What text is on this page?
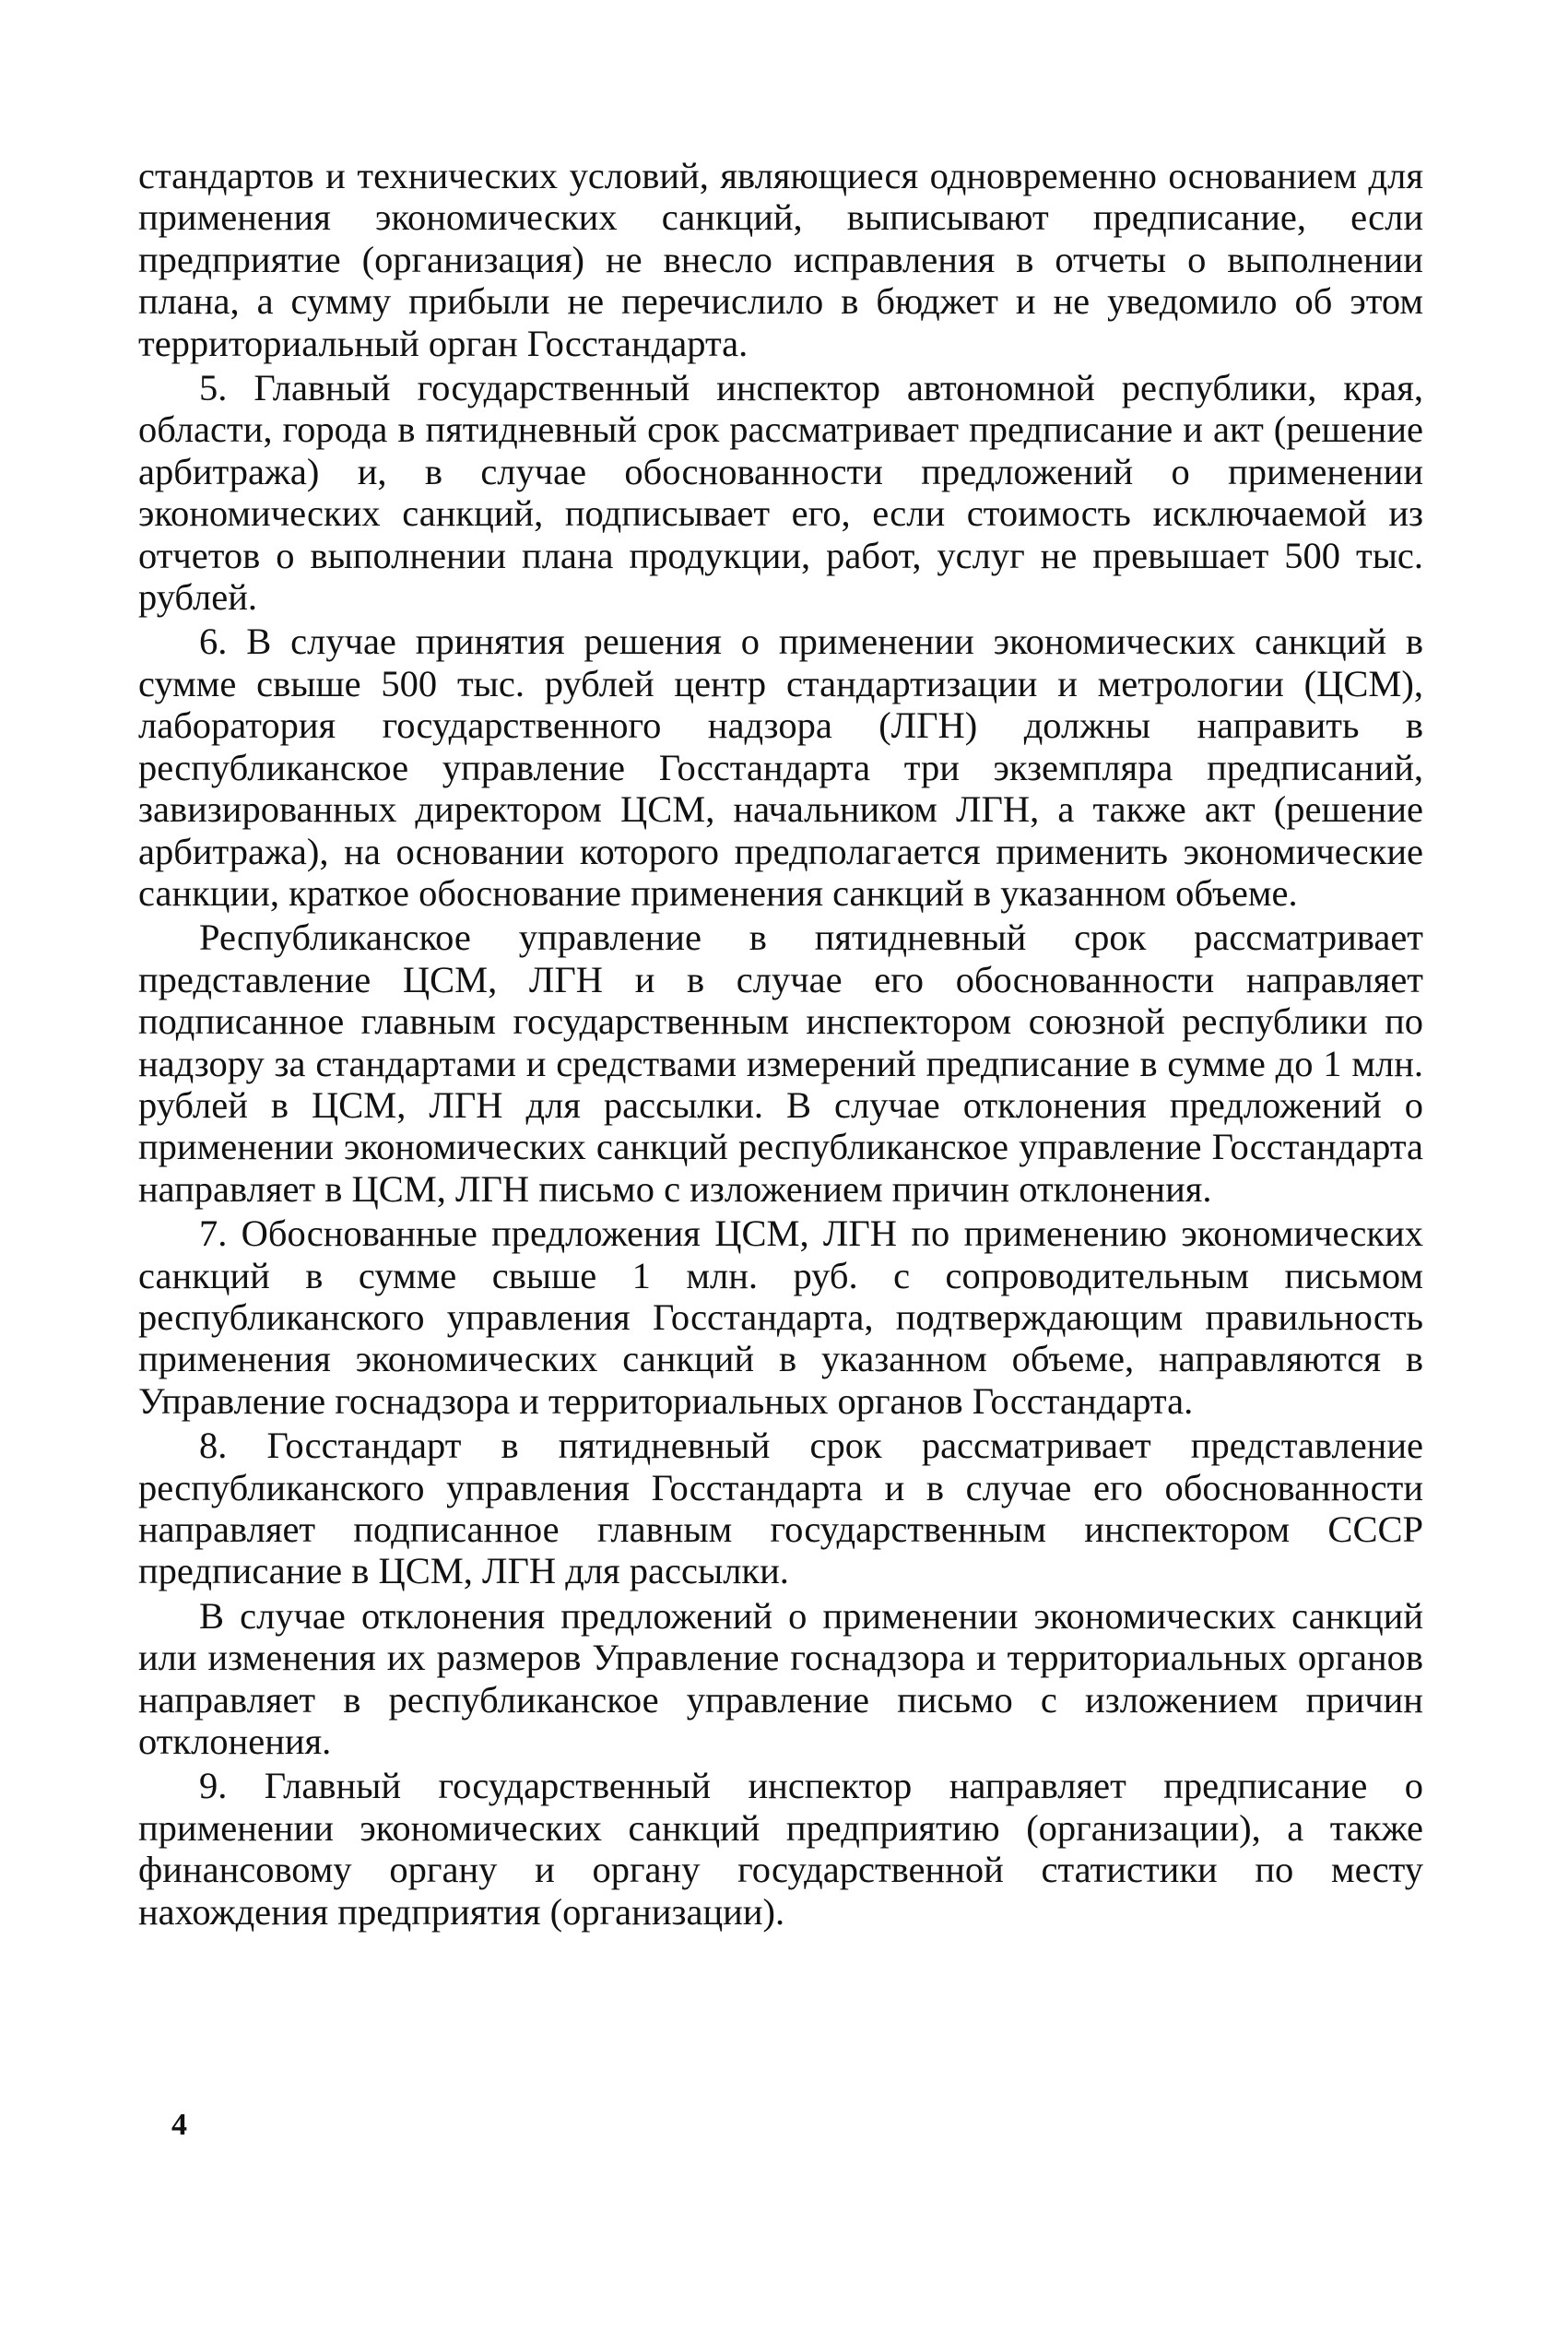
стандартов и технических условий, являющиеся одновременно основанием для применения экономических санкций, выписывают предписание, если предприятие (организация) не внесло исправления в отчеты о выполнении плана, а сумму прибыли не перечислило в бюджет и не уведомило об этом территориальный орган Госстандарта.

5. Главный государственный инспектор автономной республики, края, области, города в пятидневный срок рассматривает предписание и акт (решение арбитража) и, в случае обоснованности предложений о применении экономических санкций, подписывает его, если стоимость исключаемой из отчетов о выполнении плана продукции, работ, услуг не превышает 500 тыс. рублей.

6. В случае принятия решения о применении экономических санкций в сумме свыше 500 тыс. рублей центр стандартизации и метрологии (ЦСМ), лаборатория государственного надзора (ЛГН) должны направить в республиканское управление Госстандарта три экземпляра предписаний, завизированных директором ЦСМ, начальником ЛГН, а также акт (решение арбитража), на основании которого предполагается применить экономические санкции, краткое обоснование применения санкций в указанном объеме.

Республиканское управление в пятидневный срок рассматривает представление ЦСМ, ЛГН и в случае его обоснованности направляет подписанное главным государственным инспектором союзной республики по надзору за стандартами и средствами измерений предписание в сумме до 1 млн. рублей в ЦСМ, ЛГН для рассылки. В случае отклонения предложений о применении экономических санкций республиканское управление Госстандарта направляет в ЦСМ, ЛГН письмо с изложением причин отклонения.

7. Обоснованные предложения ЦСМ, ЛГН по применению экономических санкций в сумме свыше 1 млн. руб. с сопроводительным письмом республиканского управления Госстандарта, подтверждающим правильность применения экономических санкций в указанном объеме, направляются в Управление госнадзора и территориальных органов Госстандарта.

8. Госстандарт в пятидневный срок рассматривает представление республиканского управления Госстандарта и в случае его обоснованности направляет подписанное главным государственным инспектором СССР предписание в ЦСМ, ЛГН для рассылки.

В случае отклонения предложений о применении экономических санкций или изменения их размеров Управление госнадзора и территориальных органов направляет в республиканское управление письмо с изложением причин отклонения.

9. Главный государственный инспектор направляет предписание о применении экономических санкций предприятию (организации), а также финансовому органу и органу государственной статистики по месту нахождения предприятия (организации).

4
